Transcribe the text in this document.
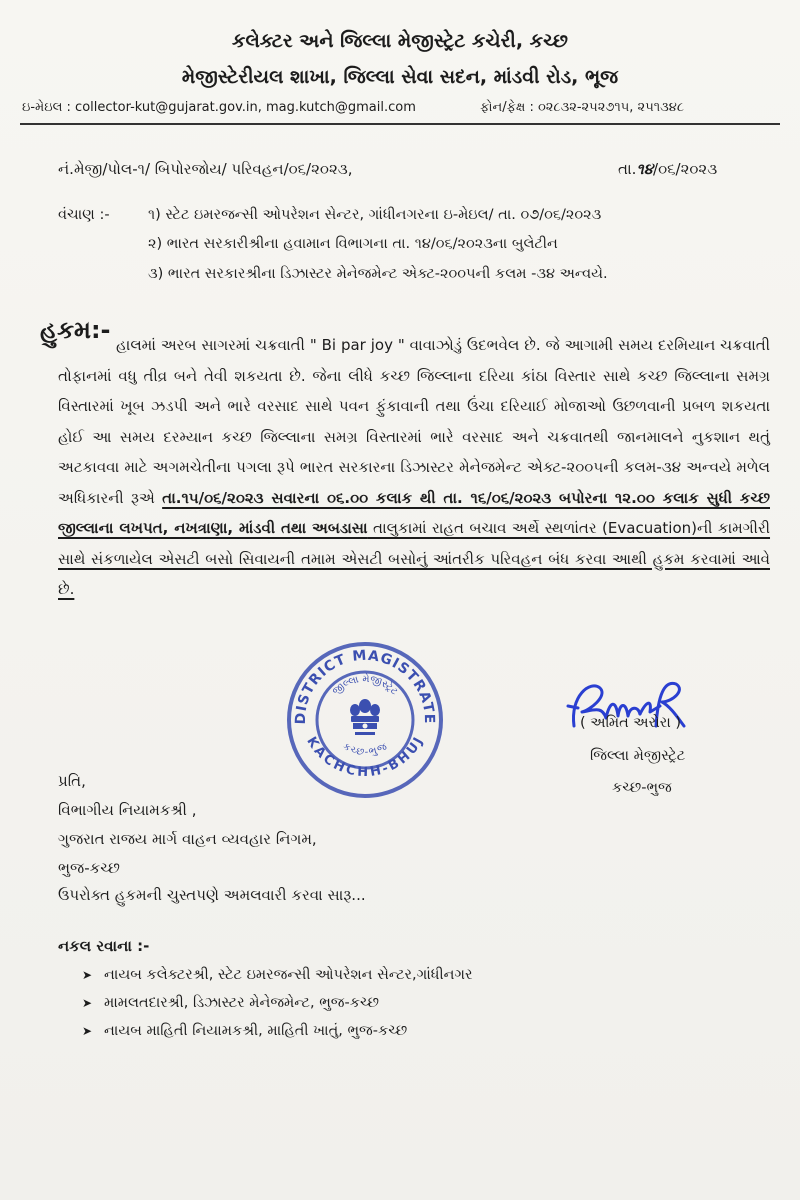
કલેક્ટર અને જિલ્લા મેજીસ્ટ્રેટ કચેરી, કચ્છ
મેજીસ્ટેરીયલ શાખા, જિલ્લા સેવા સદન, માંડવી રોડ, ભૂજ
ઇ-મેઇલ : collector-kut@gujarat.gov.in, mag.kutch@gmail.com	ફોન/ફેક્ષ : ૦૨૮૩૨-૨૫૨૭૧૫, ૨૫૧૩૪૮
નં.મેજી/પોલ-૧/ બિપોરજોય/ પરિવહન/૦૬/૨૦૨૩,	તા.૧૪/૦૬/૨૦૨૩
વંચાણ :-	૧) સ્ટેટ ઇમરજન્સી ઓપરેશન સેન્ટર, ગાંધીનગરના ઇ-મેઇલ/ તા. ૦૭/૦૬/૨૦૨૩
૨) ભારત સરકારીશ્રીના હવામાન વિભાગના તા. ૧૪/૦૬/૨૦૨૩ના બુલેટીન
૩) ભારત સરકારશ્રીના ડિઝાસ્ટર મેનેજમેન્ટ એક્ટ-૨૦૦૫ની કલમ -૩૪ અન્વયે.
હુકમ:-
હાલમાં અરબ સાગરમાં ચક્રવાતી " Bi par joy " વાવાઝોડું ઉદભવેલ છે. જે આગામી સમય દરમિયાન ચક્રવાતી તોફાનમાં વધુ તીવ્ર બને તેવી શકયતા છે. જેના લીધે કચ્છ જિલ્લાના દરિયા કાંઠા વિસ્તાર સાથે કચ્છ જિલ્લાના સમગ્ર વિસ્તારમાં ખૂબ ઝડપી અને ભારે વરસાદ સાથે પવન ફુંકાવાની તથા ઉંચા દરિયાઈ મોજાઓ ઉછળવાની પ્રબળ શકયતા હોઈ આ સમય દરમ્યાન કચ્છ જિલ્લાના સમગ્ર વિસ્તારમાં ભારે વરસાદ અને ચક્રવાતથી જાનમાલને નુકશાન થતું અટકાવવા માટે અગમચેતીના પગલા રૂપે ભારત સરકારના ડિઝાસ્ટર મેનેજમેન્ટ એક્ટ-૨૦૦૫ની કલમ-૩૪ અન્વયે મળેલ અધિકારની રૂએ તા.૧૫/૦૬/૨૦૨૩ સવારના ૦૬.૦૦ કલાક થી તા. ૧૬/૦૬/૨૦૨૩ બપોરના ૧૨.૦૦ કલાક સુધી કચ્છ જીલ્લાના લખપત, નખત્રાણા, માંડવી તથા અબડાસા તાલુકામાં રાહત બચાવ અર્થે સ્થળાંતર (Evacuation)ની કામગીરી સાથે સંકળાયેલ એસટી બસો સિવાયની તમામ એસટી બસોનું આંતરીક પરિવહન બંધ કરવા આથી હુકમ કરવામાં આવે છે.
DISTRICT MAGISTRATE
KACHCHH-BHUJ
જીલ્લા મેજીસ્ટ્રેટ
કચ્છ-ભુજ
( અમિત અરોરા )
જિલ્લા મેજીસ્ટ્રેટ
કચ્છ-ભુજ
પ્રતિ,
વિભાગીય નિયામકશ્રી ,
ગુજરાત રાજય માર્ગ વાહન વ્યવહાર નિગમ,
ભુજ-કચ્છ
ઉપરોક્ત હુકમની ચુસ્તપણે અમલવારી કરવા સારૂ...
નકલ રવાના :-
➤ નાયબ કલેક્ટરશ્રી, સ્ટેટ ઇમરજન્સી ઓપરેશન સેન્ટર,ગાંધીનગર
➤ મામલતદારશ્રી, ડિઝાસ્ટર મેનેજમેન્ટ, ભુજ-કચ્છ
➤ નાયબ માહિતી નિયામકશ્રી, માહિતી ખાતું, ભુજ-કચ્છ
